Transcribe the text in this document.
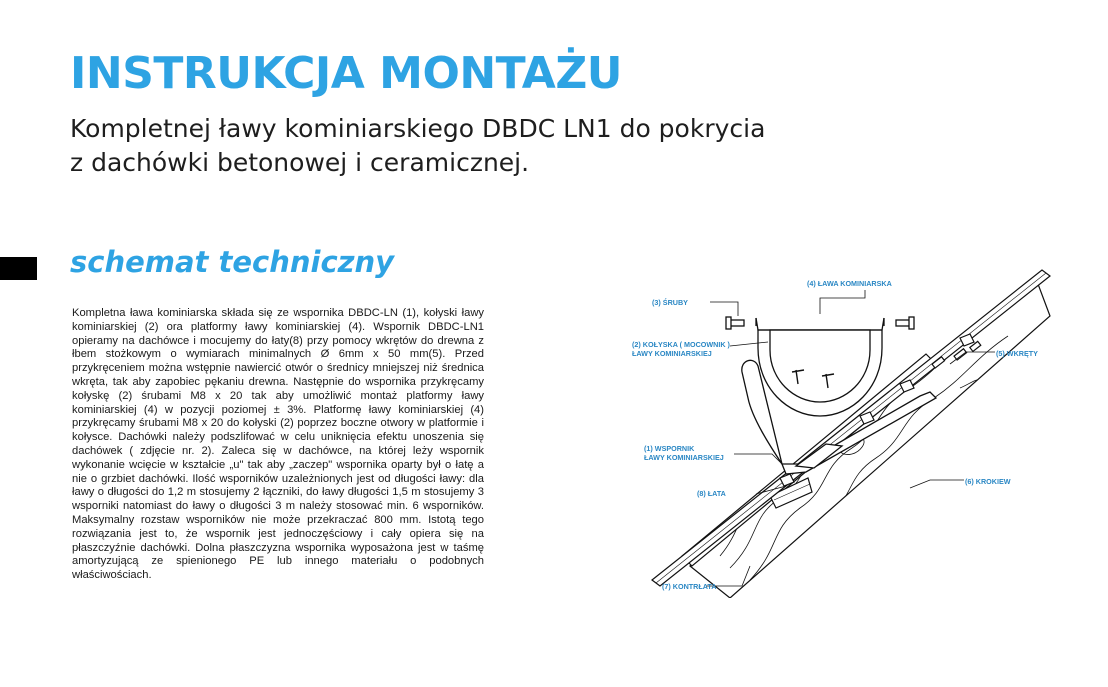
INSTRUKCJA MONTAŻU

Kompletnej ławy kominiarskiego DBDC LN1 do pokrycia
z dachówki betonowej i ceramicznej.

schemat techniczny

Kompletna ława kominiarska składa się ze wspornika DBDC-LN (1), kołyski ławy kominiarskiej (2) ora platformy ławy kominiarskiej (4). Wspornik DBDC-LN1 opieramy na dachówce i mocujemy do łaty(8) przy pomocy wkrętów do drewna z łbem stożkowym o wymiarach minimalnych Ø 6mm x 50 mm(5). Przed przykręceniem można wstępnie nawiercić otwór o średnicy mniejszej niż średnica wkręta, tak aby zapobiec pękaniu drewna. Następnie do wspornika przykręcamy kołyskę (2) śrubami M8 x 20 tak aby umożliwić montaż platformy ławy kominiarskiej (4) w pozycji poziomej ± 3%. Platformę ławy kominiarskiej (4) przykręcamy śrubami M8 x 20 do kołyski (2) poprzez boczne otwory w platformie i kołysce. Dachówki należy podszlifować w celu uniknięcia efektu unoszenia się dachówek ( zdjęcie nr. 2). Zaleca się w dachówce, na której leży wspornik wykonanie wcięcie w kształcie „u" tak aby „zaczep" wspornika oparty był o łatę a nie o grzbiet dachówki. Ilość wsporników uzależnionych jest od długości ławy: dla ławy o długości do 1,2 m stosujemy 2 łączniki, do ławy długości 1,5 m stosujemy 3 wsporniki natomiast do ławy o długości 3 m należy stosować min. 6 wsporników. Maksymalny rozstaw wsporników nie może przekraczać 800 mm. Istotą tego rozwiązania jest to, że wspornik jest jednoczęściowy i cały opiera się na płaszczyźnie dachówki. Dolna płaszczyzna wspornika wyposażona jest w taśmę amortyzującą ze spienionego PE lub innego materiału o podobnych właściwościach.

(4) ŁAWA KOMINIARSKA
(3) ŚRUBY
(2) KOŁYSKA ( MOCOWNIK )
ŁAWY KOMINIARSKIEJ	(5) WKRĘTY
(1) WSPORNIK
ŁAWY KOMINIARSKIEJ
(8) ŁATA
(6) KROKIEW
(7) KONTRŁATA
